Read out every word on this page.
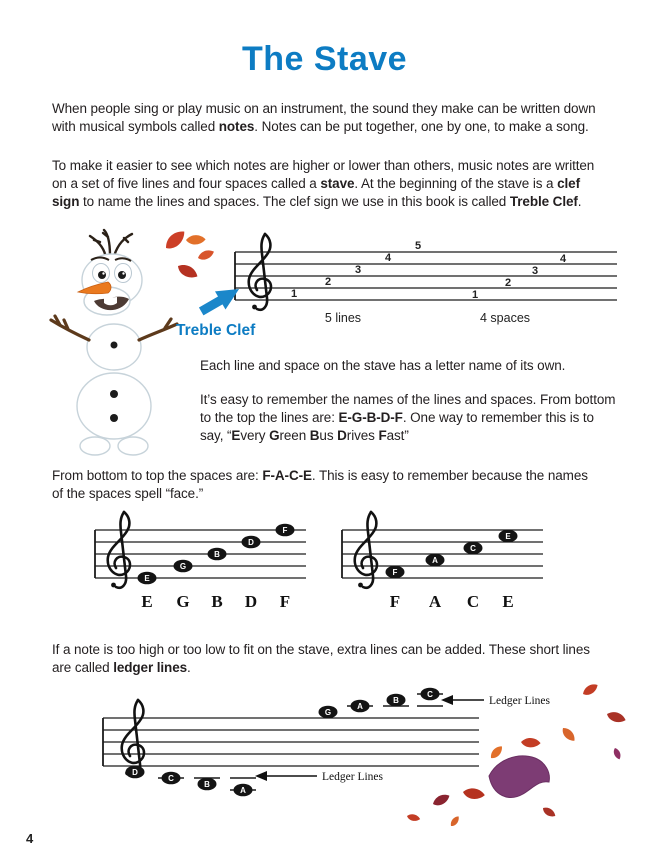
The Stave
When people sing or play music on an instrument, the sound they make can be written down with musical symbols called notes. Notes can be put together, one by one, to make a song.
To make it easier to see which notes are higher or lower than others, music notes are written on a set of five lines and four spaces called a stave. At the beginning of the stave is a clef sign to name the lines and spaces. The clef sign we use in this book is called Treble Clef.
1
2
3
4
5
1
2
3
4
5 lines	4 spaces
Treble Clef
Each line and space on the stave has a letter name of its own.
It’s easy to remember the names of the lines and spaces. From bottom to the top the lines are: E-G-B-D-F. One way to remember this is to say, “Every Green Bus Drives Fast”
From bottom to top the spaces are: F-A-C-E. This is easy to remember because the names of the spaces spell “face.”
E
G
B
D
F
E G B D F
F
A
C
E
F A C E
If a note is too high or too low to fit on the stave, extra lines can be added. These short lines are called ledger lines.
D
C
B
A
G
A
B
C
Ledger Lines
Ledger Lines
4
